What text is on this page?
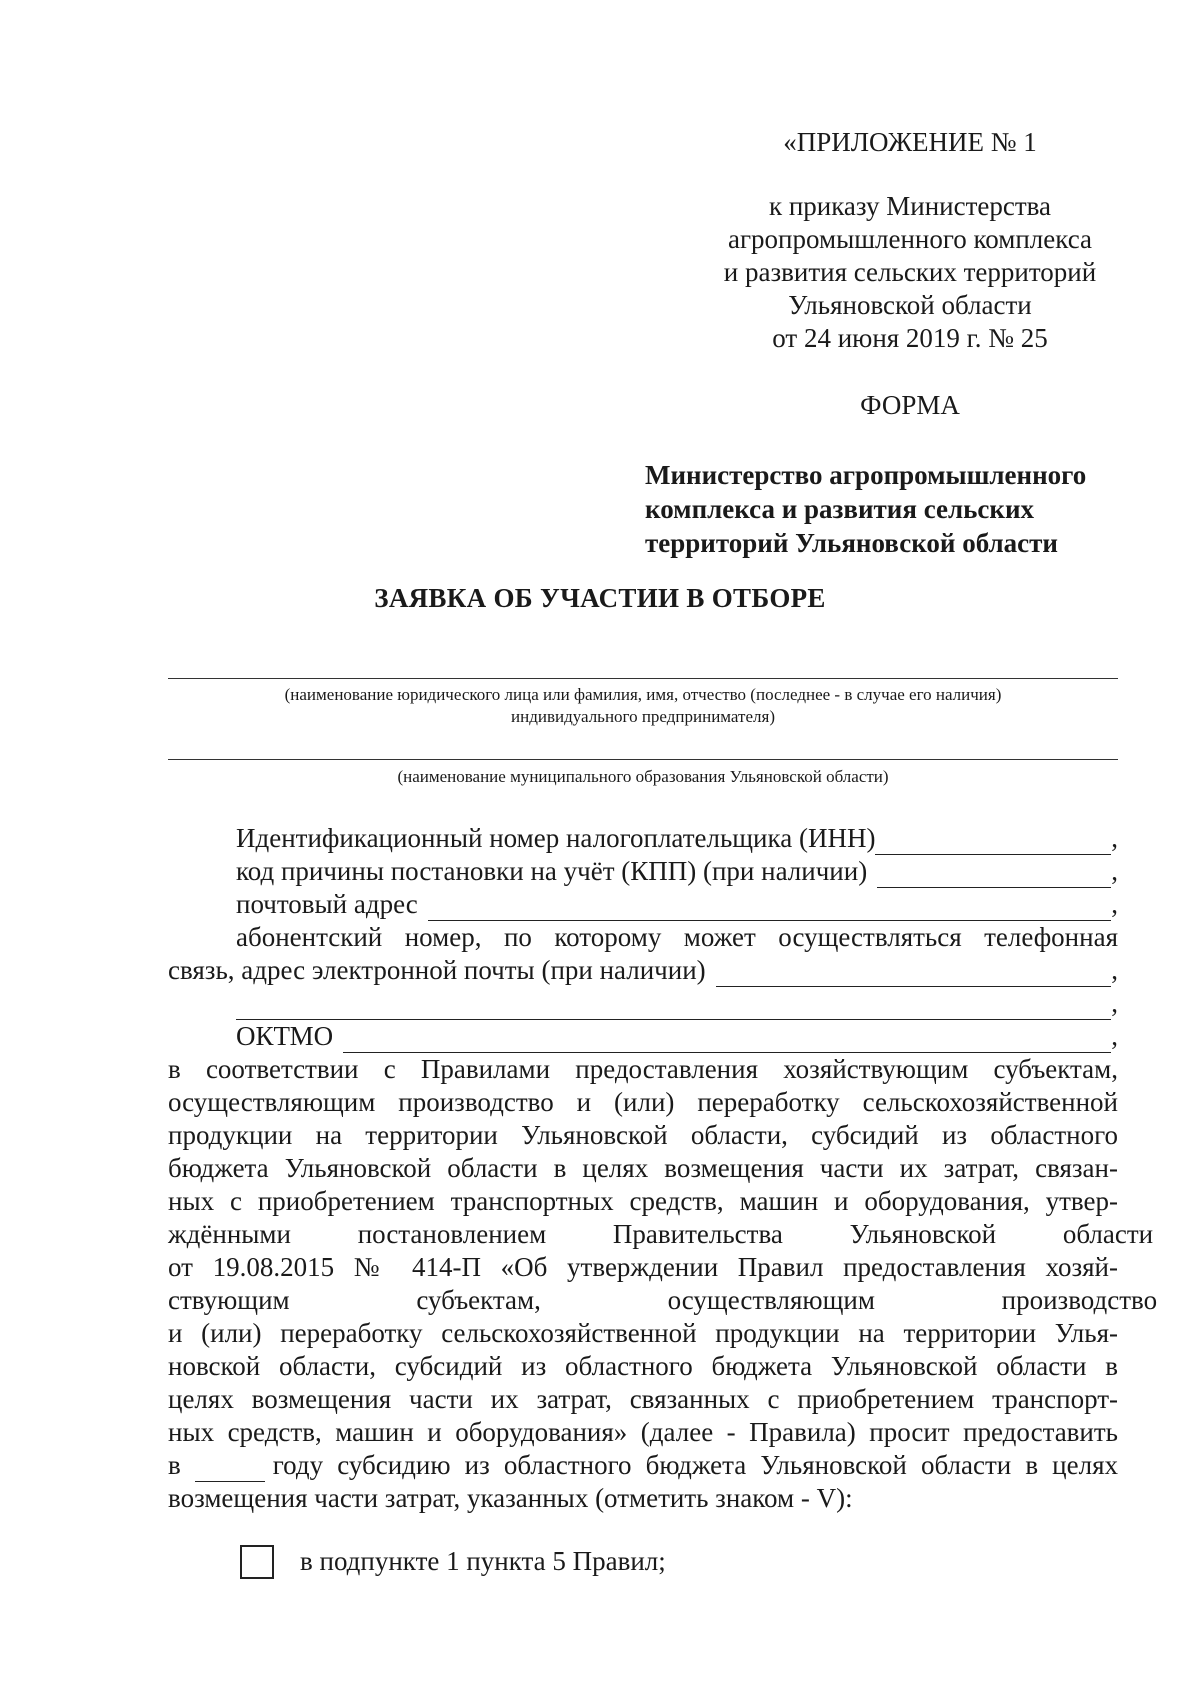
«ПРИЛОЖЕНИЕ № 1
к приказу Министерства
агропромышленного комплекса
и развития сельских территорий
Ульяновской области
от 24 июня 2019 г. № 25
ФОРМА
Министерство агропромышленного
комплекса и развития сельских
территорий Ульяновской области
ЗАЯВКА ОБ УЧАСТИИ В ОТБОРЕ
(наименование юридического лица или фамилия, имя, отчество (последнее - в случае его наличия)
индивидуального предпринимателя)
(наименование муниципального образования Ульяновской области)
Идентификационный номер налогоплательщика (ИНН)	,
код причины постановки на учёт (КПП) (при наличии)	,
почтовый адрес	,
абонентский номер, по которому может осуществляться телефонная
связь, адрес электронной почты (при наличии)	,
,
ОКТМО	,
в соответствии с Правилами предоставления хозяйствующим субъектам,
осуществляющим производство и (или) переработку сельскохозяйственной
продукции на территории Ульяновской области, субсидий из областного
бюджета Ульяновской области в целях возмещения части их затрат, связан-
ных с приобретением транспортных средств, машин и оборудования, утвер-
ждёнными постановлением Правительства Ульяновской области
от 19.08.2015 № 414-П «Об утверждении Правил предоставления хозяй-
ствующим субъектам, осуществляющим производство
и (или) переработку сельскохозяйственной продукции на территории Улья-
новской области, субсидий из областного бюджета Ульяновской области в
целях возмещения части их затрат, связанных с приобретением транспорт-
ных средств, машин и оборудования» (далее - Правила) просит предоставить
в	году субсидию из областного бюджета Ульяновской области в целях
возмещения части затрат, указанных (отметить знаком - V):
в подпункте 1 пункта 5 Правил;
